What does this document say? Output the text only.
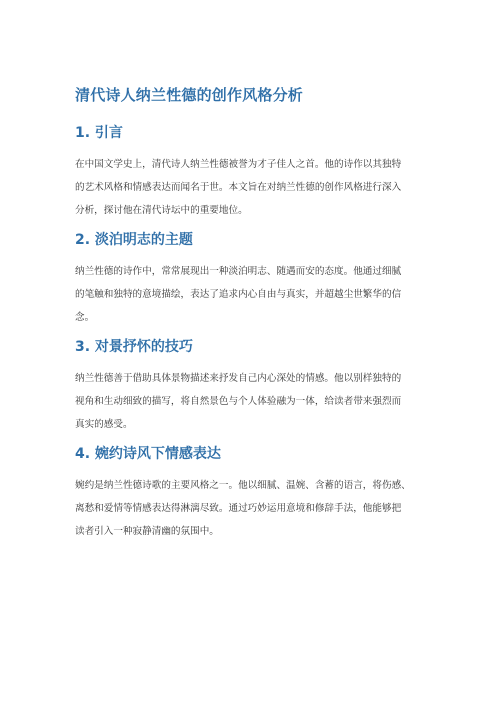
清代诗人纳兰性德的创作风格分析
1. 引言

在中国文学史上，清代诗人纳兰性德被誉为才子佳人之首。他的诗作以其独特
的艺术风格和情感表达而闻名于世。本文旨在对纳兰性德的创作风格进行深入
分析，探讨他在清代诗坛中的重要地位。

2. 淡泊明志的主题

纳兰性德的诗作中，常常展现出一种淡泊明志、随遇而安的态度。他通过细腻
的笔触和独特的意境描绘，表达了追求内心自由与真实，并超越尘世繁华的信
念。

3. 对景抒怀的技巧

纳兰性德善于借助具体景物描述来抒发自己内心深处的情感。他以别样独特的
视角和生动细致的描写，将自然景色与个人体验融为一体，给读者带来强烈而
真实的感受。

4. 婉约诗风下情感表达

婉约是纳兰性德诗歌的主要风格之一。他以细腻、温婉、含蓄的语言，将伤感、
离愁和爱情等情感表达得淋漓尽致。通过巧妙运用意境和修辞手法，他能够把
读者引入一种寂静清幽的氛围中。
